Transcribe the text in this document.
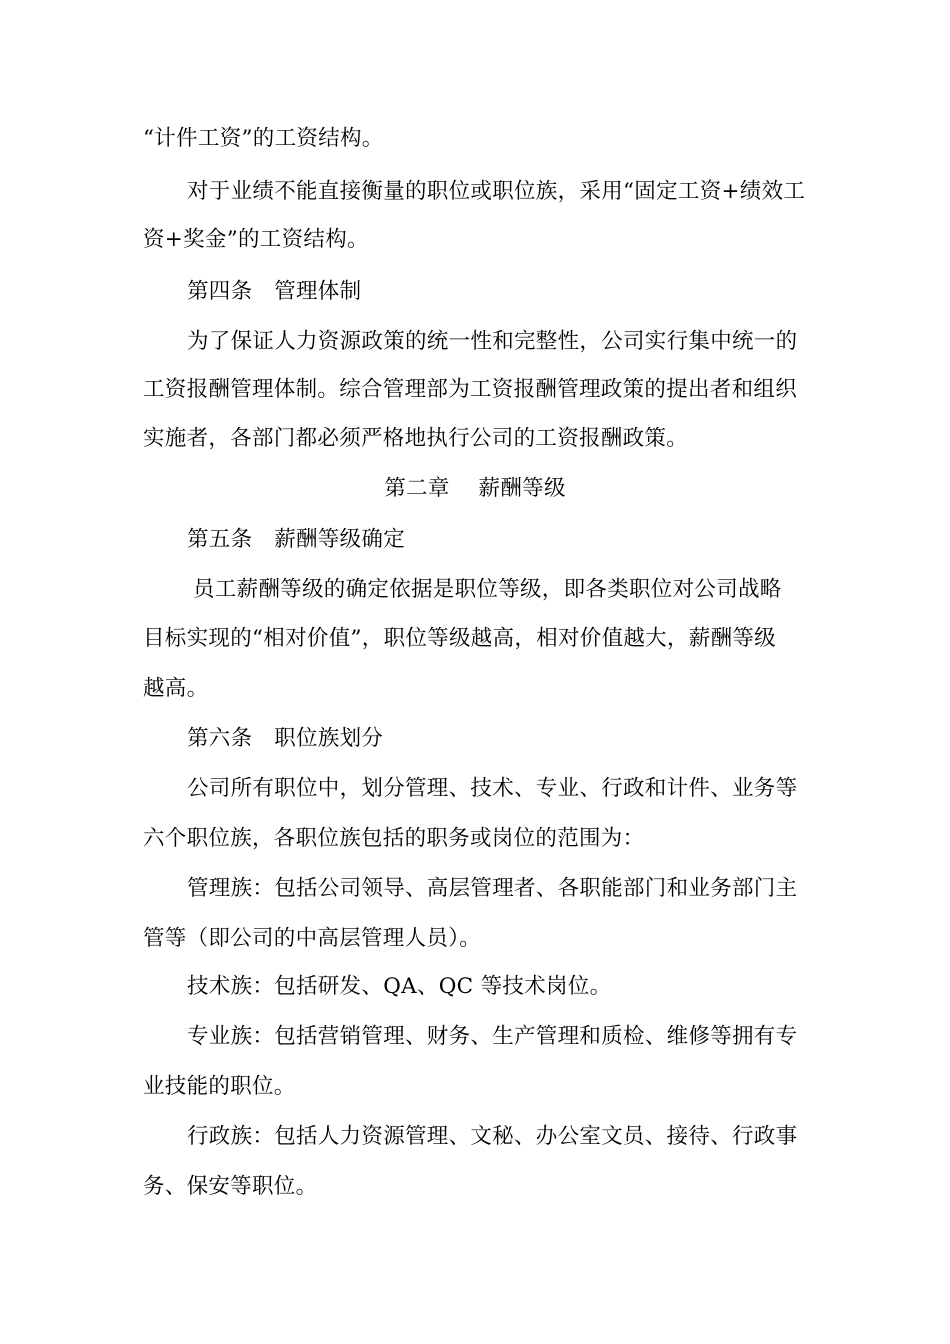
“计件工资”的工资结构。
对于业绩不能直接衡量的职位或职位族，采用“固定工资+绩效工
资+奖金”的工资结构。
第四条　管理体制
为了保证人力资源政策的统一性和完整性，公司实行集中统一的
工资报酬管理体制。综合管理部为工资报酬管理政策的提出者和组织
实施者，各部门都必须严格地执行公司的工资报酬政策。
第二章　 薪酬等级
第五条　薪酬等级确定
员工薪酬等级的确定依据是职位等级，即各类职位对公司战略
目标实现的“相对价值”，职位等级越高，相对价值越大，薪酬等级
越高。
第六条　职位族划分
公司所有职位中，划分管理、技术、专业、行政和计件、业务等
六个职位族，各职位族包括的职务或岗位的范围为：
管理族：包括公司领导、高层管理者、各职能部门和业务部门主
管等（即公司的中高层管理人员）。
技术族：包括研发、QA、QC 等技术岗位。
专业族：包括营销管理、财务、生产管理和质检、维修等拥有专
业技能的职位。
行政族：包括人力资源管理、文秘、办公室文员、接待、行政事
务、保安等职位。
